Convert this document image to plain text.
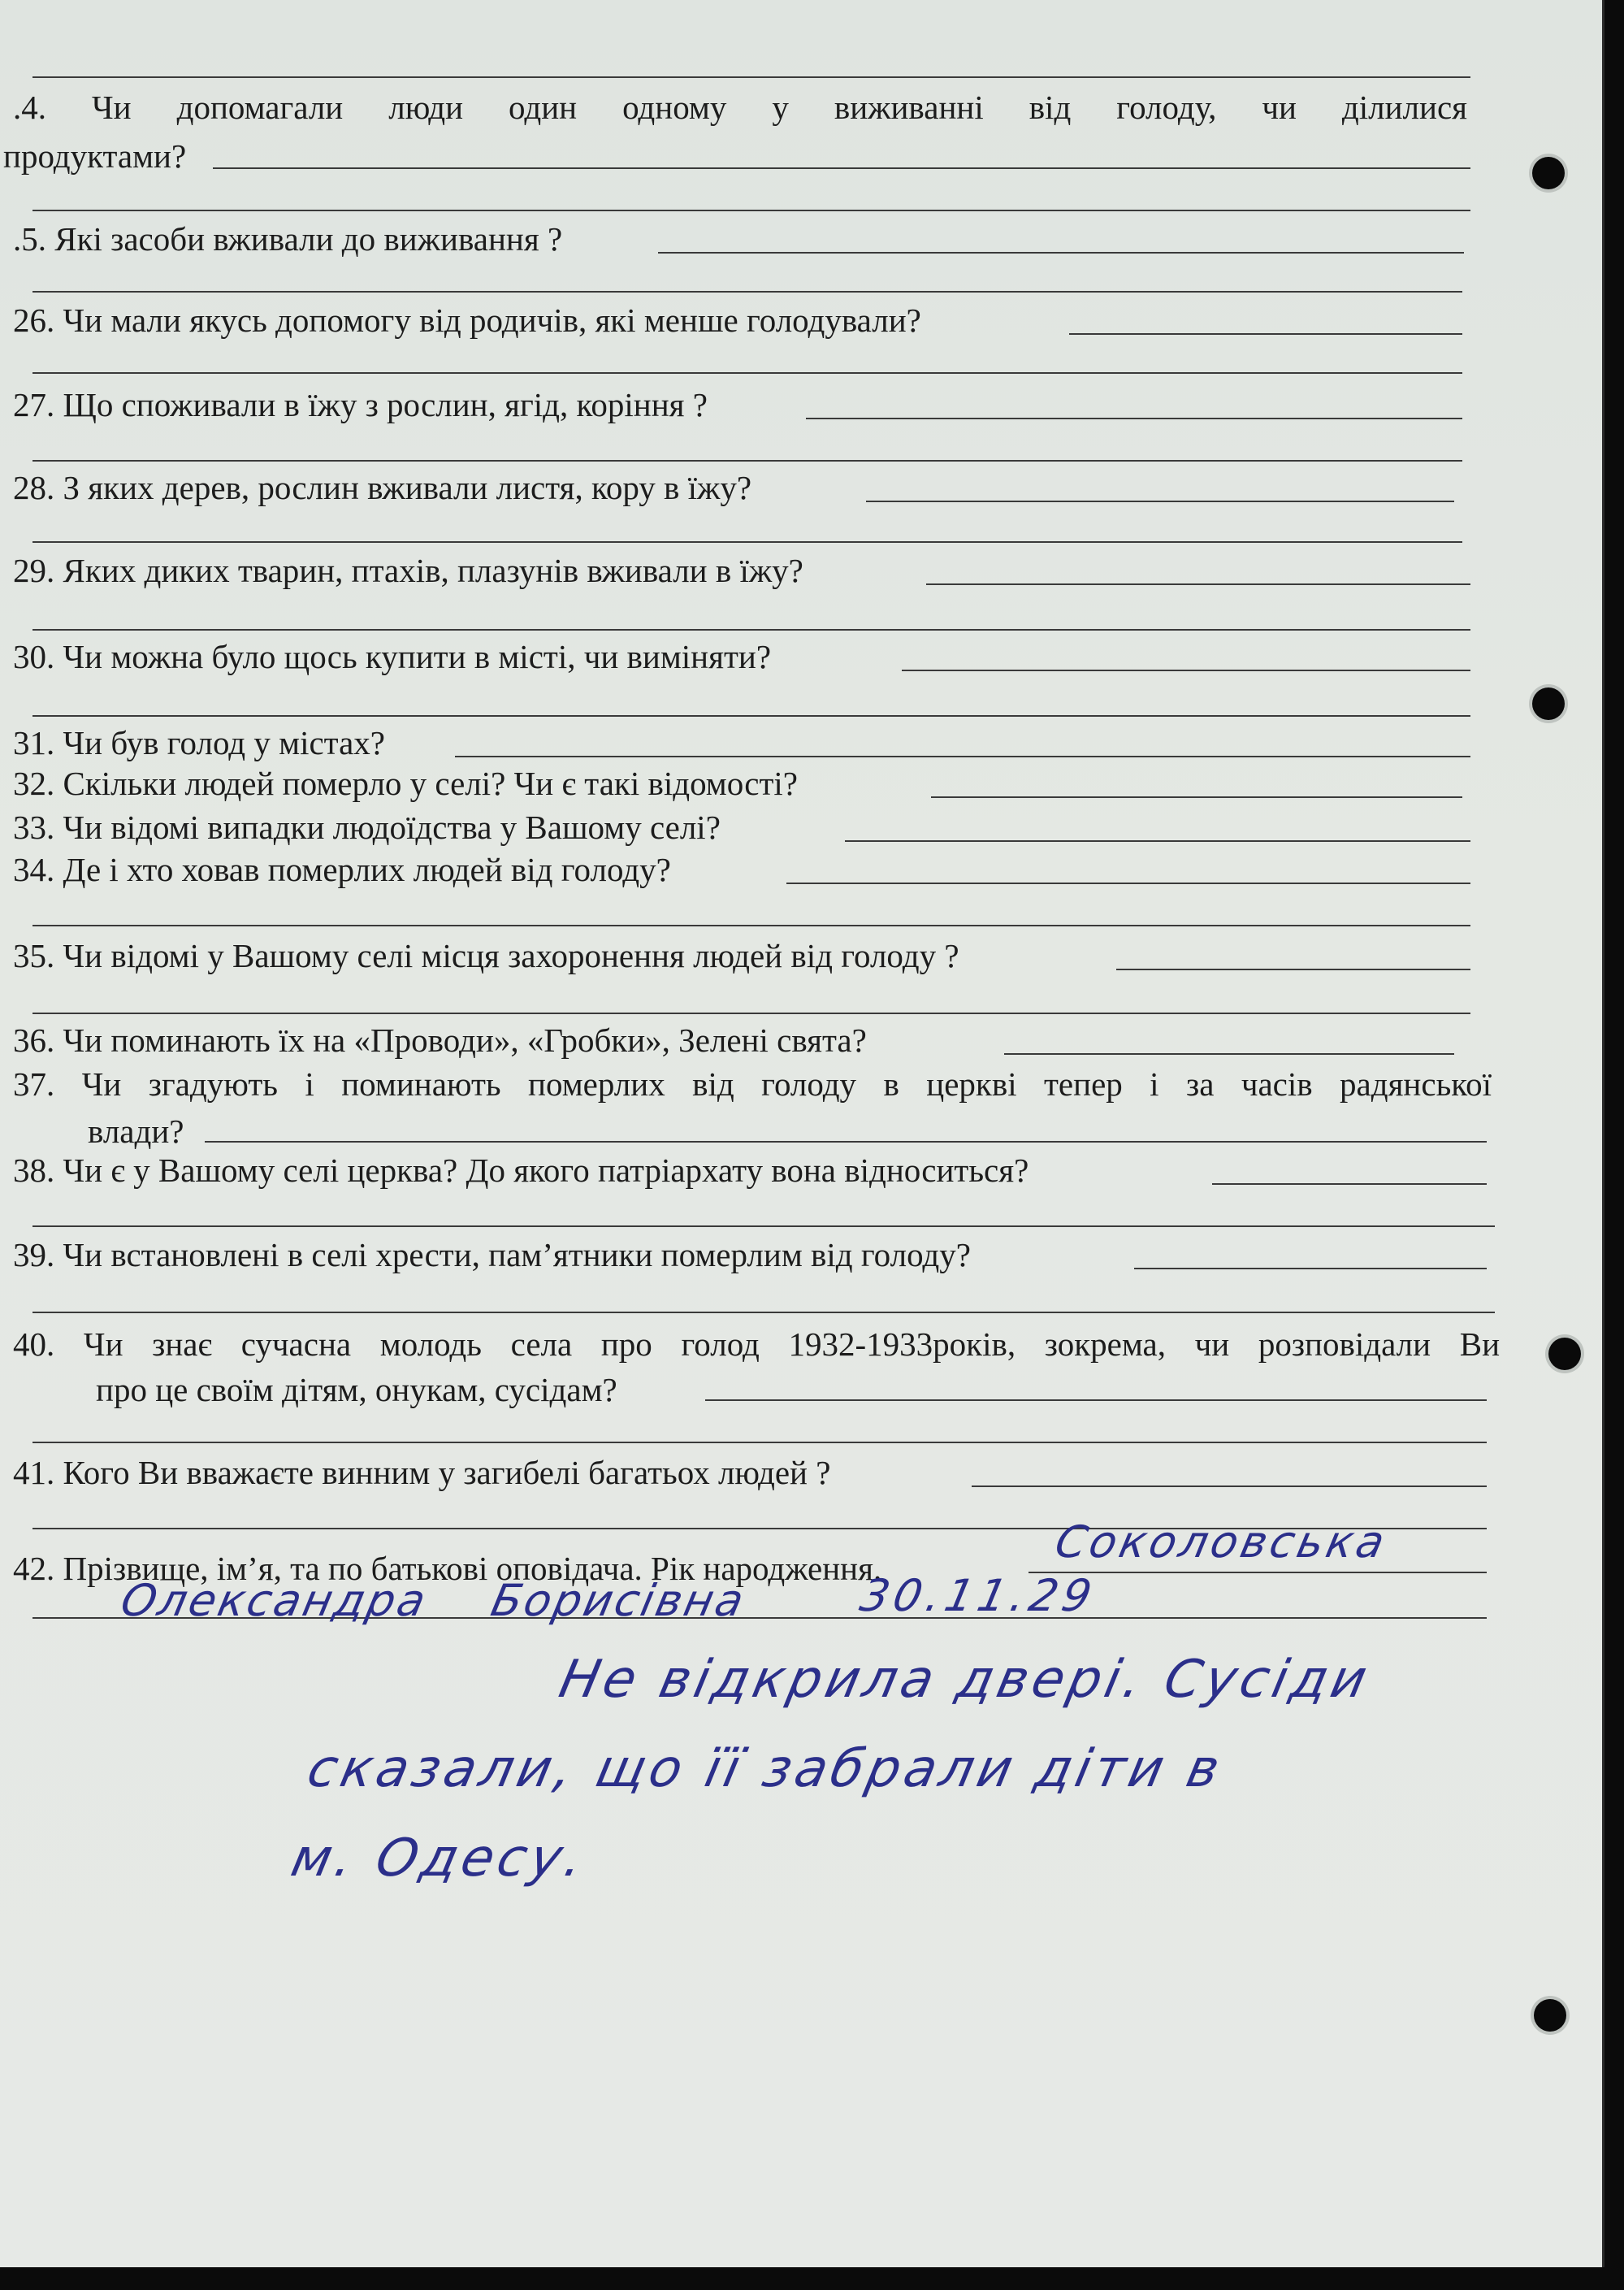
.4. Чи допомагали люди один одному у виживанні від голоду, чи ділилися
продуктами?
.5. Які засоби вживали до виживання ?
26. Чи мали якусь допомогу від родичів, які менше голодували?
27. Що споживали в їжу з рослин, ягід, коріння ?
28. З яких дерев, рослин вживали листя, кору в їжу?
29. Яких диких тварин, птахів, плазунів вживали в їжу?
30. Чи можна було щось купити в місті, чи виміняти?
31. Чи був голод у містах?
32. Скільки людей померло у селі? Чи є такі відомості?
33. Чи відомі випадки людоїдства у Вашому селі?
34. Де і хто ховав померлих людей від голоду?
35. Чи відомі у Вашому селі місця захоронення людей від голоду ?
36. Чи поминають їх на «Проводи», «Гробки», Зелені свята?
37. Чи згадують і поминають померлих від голоду в церкві тепер і за часів радянської
влади?
38. Чи є у Вашому селі церква? До якого патріархату вона відноситься?
39. Чи встановлені в селі хрести, пам’ятники померлим від голоду?
40. Чи знає сучасна молодь села про голод 1932-1933років, зокрема, чи розповідали Ви
про це своїм дітям, онукам, сусідам?
41. Кого Ви вважаєте винним у загибелі багатьох людей ?
42. Прізвище, ім’я, та по батькові оповідача. Рік народження.
Соколовська
Олександра Борисівна 30.11.29
Не відкрила двері. Сусіди
сказали, що її забрали діти в
м. Одесу.
